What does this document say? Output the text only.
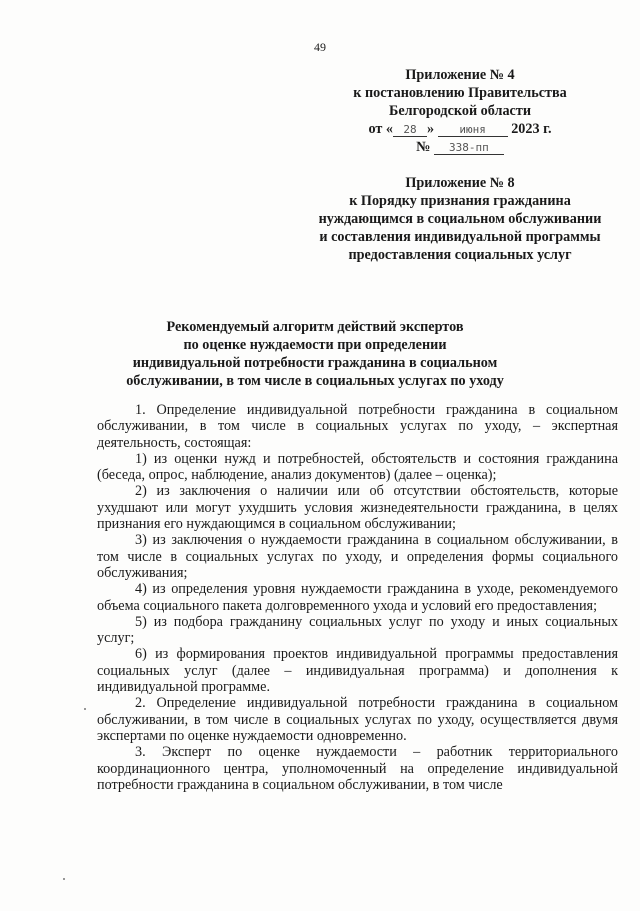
49
Приложение № 4
к постановлению Правительства
Белгородской области
от « 28 » июня 2023 г.
№ 338-пп
Приложение № 8
к Порядку признания гражданина
нуждающимся в социальном обслуживании
и составления индивидуальной программы
предоставления социальных услуг
Рекомендуемый алгоритм действий экспертов
по оценке нуждаемости при определении
индивидуальной потребности гражданина в социальном
обслуживании, в том числе в социальных услугах по уходу

1. Определение индивидуальной потребности гражданина в социальном обслуживании, в том числе в социальных услугах по уходу, – экспертная деятельность, состоящая:

1) из оценки нужд и потребностей, обстоятельств и состояния гражданина (беседа, опрос, наблюдение, анализ документов) (далее – оценка);

2) из заключения о наличии или об отсутствии обстоятельств, которые ухудшают или могут ухудшить условия жизнедеятельности гражданина, в целях признания его нуждающимся в социальном обслуживании;

3) из заключения о нуждаемости гражданина в социальном обслуживании, в том числе в социальных услугах по уходу, и определения формы социального обслуживания;

4) из определения уровня нуждаемости гражданина в уходе, рекомендуемого объема социального пакета долговременного ухода и условий его предоставления;

5) из подбора гражданину социальных услуг по уходу и иных социальных услуг;

6) из формирования проектов индивидуальной программы предоставления социальных услуг (далее – индивидуальная программа) и дополнения к индивидуальной программе.

2. Определение индивидуальной потребности гражданина в социальном обслуживании, в том числе в социальных услугах по уходу, осуществляется двумя экспертами по оценке нуждаемости одновременно.

3. Эксперт по оценке нуждаемости – работник территориального координационного центра, уполномоченный на определение индивидуальной потребности гражданина в социальном обслуживании, в том числе
